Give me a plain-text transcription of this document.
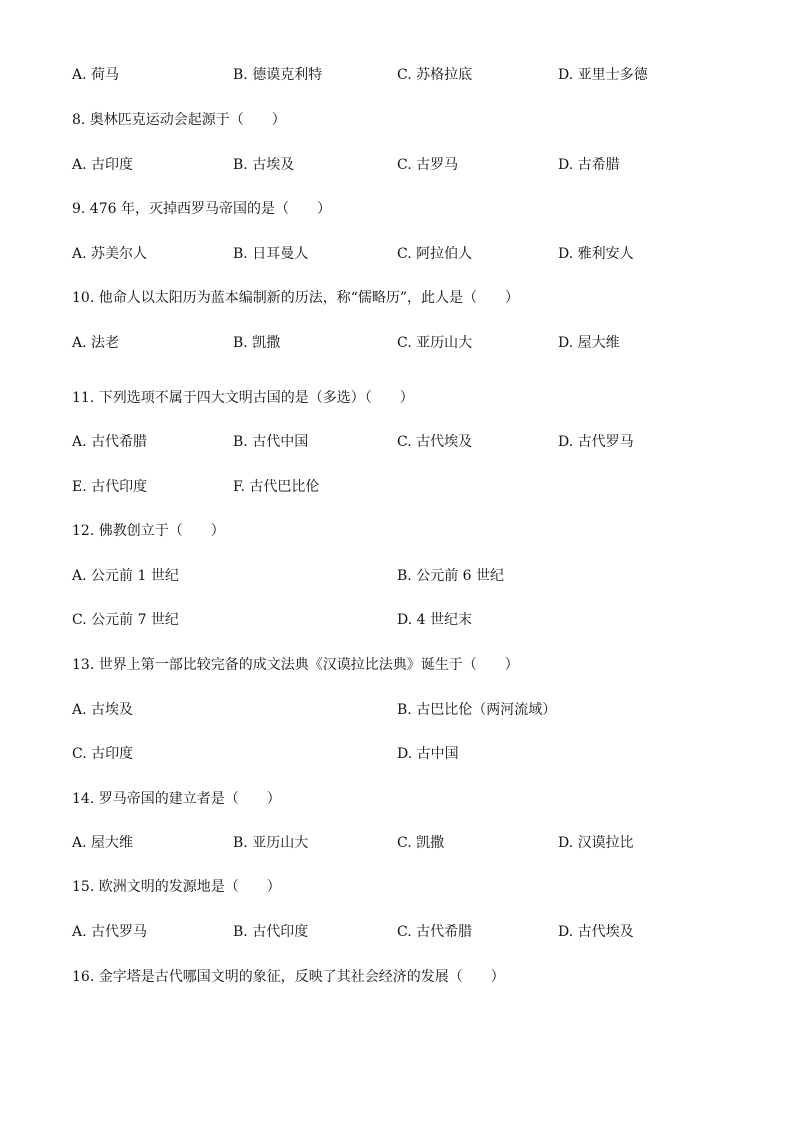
A. 荷马	B. 德谟克利特	C. 苏格拉底	D. 亚里士多德
8. 奥林匹克运动会起源于（　　）
A. 古印度	B. 古埃及	C. 古罗马	D. 古希腊
9. 476 年，灭掉西罗马帝国的是（　　）
A. 苏美尔人	B. 日耳曼人	C. 阿拉伯人	D. 雅利安人
10. 他命人以太阳历为蓝本编制新的历法，称“儒略历”，此人是（　　）
A. 法老	B. 凯撒	C. 亚历山大	D. 屋大维
11. 下列选项不属于四大文明古国的是（多选）（　　）
A. 古代希腊	B. 古代中国	C. 古代埃及	D. 古代罗马
E. 古代印度	F. 古代巴比伦
12. 佛教创立于（　　）
A. 公元前 1 世纪	B. 公元前 6 世纪
C. 公元前 7 世纪	D. 4 世纪末
13. 世界上第一部比较完备的成文法典《汉谟拉比法典》诞生于（　　）
A. 古埃及	B. 古巴比伦（两河流域）
C. 古印度	D. 古中国
14. 罗马帝国的建立者是（　　）
A. 屋大维	B. 亚历山大	C. 凯撒	D. 汉谟拉比
15. 欧洲文明的发源地是（　　）
A. 古代罗马	B. 古代印度	C. 古代希腊	D. 古代埃及
16. 金字塔是古代哪国文明的象征，反映了其社会经济的发展（　　）
